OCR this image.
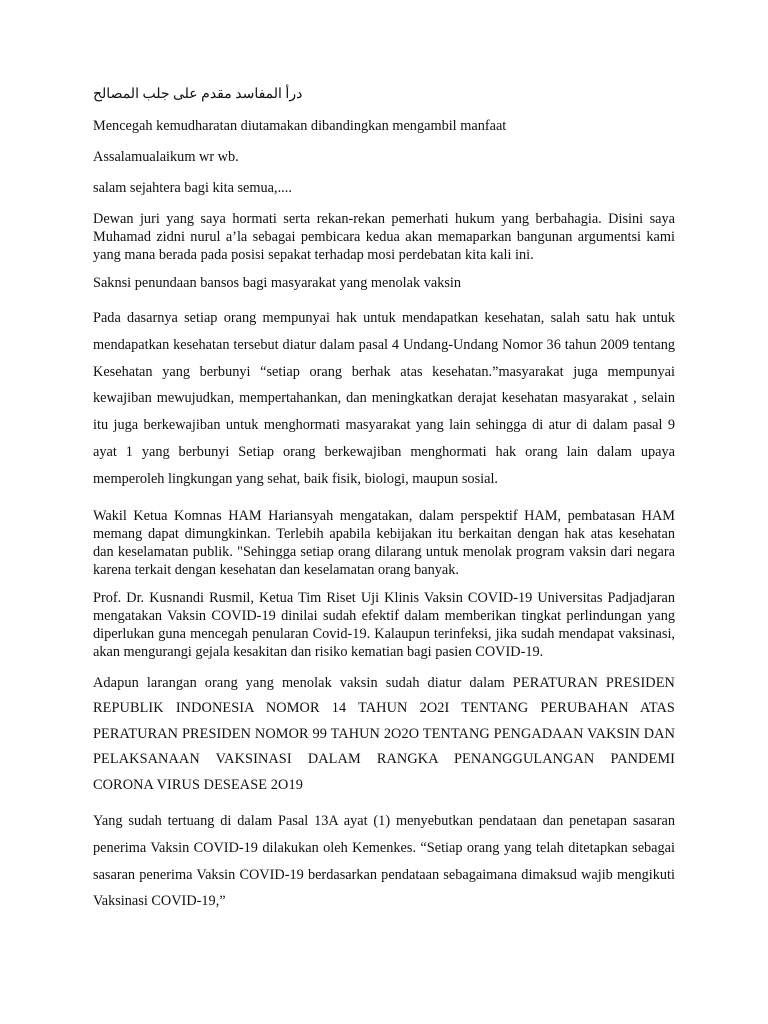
درأ المفاسد مقدم على جلب المصالح

Mencegah kemudharatan diutamakan dibandingkan mengambil manfaat

Assalamualaikum wr wb.

salam sejahtera bagi kita semua,....

Dewan juri yang saya hormati serta rekan-rekan pemerhati hukum yang berbahagia. Disini saya Muhamad zidni nurul a’la sebagai pembicara kedua akan memaparkan bangunan argumentsi kami yang mana berada pada posisi sepakat terhadap mosi perdebatan kita kali ini.

Saknsi penundaan bansos bagi masyarakat yang menolak vaksin

Pada dasarnya setiap orang mempunyai hak untuk mendapatkan kesehatan, salah satu hak untuk mendapatkan kesehatan tersebut diatur dalam pasal 4 Undang-Undang Nomor 36 tahun 2009 tentang Kesehatan yang berbunyi “setiap orang berhak atas kesehatan.”masyarakat juga mempunyai kewajiban mewujudkan, mempertahankan, dan meningkatkan derajat kesehatan masyarakat , selain itu juga berkewajiban untuk menghormati masyarakat yang lain sehingga di atur di dalam pasal 9 ayat 1 yang berbunyi Setiap orang berkewajiban menghormati hak orang lain dalam upaya memperoleh lingkungan yang sehat, baik fisik, biologi, maupun sosial.

Wakil Ketua Komnas HAM Hariansyah mengatakan, dalam perspektif HAM, pembatasan HAM memang dapat dimungkinkan. Terlebih apabila kebijakan itu berkaitan dengan hak atas kesehatan dan keselamatan publik. "Sehingga setiap orang dilarang untuk menolak program vaksin dari negara karena terkait dengan kesehatan dan keselamatan orang banyak.

Prof. Dr. Kusnandi Rusmil, Ketua Tim Riset Uji Klinis Vaksin COVID-19 Universitas Padjadjaran mengatakan Vaksin COVID-19 dinilai sudah efektif dalam memberikan tingkat perlindungan yang diperlukan guna mencegah penularan Covid-19. Kalaupun terinfeksi, jika sudah mendapat vaksinasi, akan mengurangi gejala kesakitan dan risiko kematian bagi pasien COVID-19.

Adapun larangan orang yang menolak vaksin sudah diatur dalam PERATURAN PRESIDEN REPUBLIK INDONESIA NOMOR 14 TAHUN 2O2I TENTANG PERUBAHAN ATAS PERATURAN PRESIDEN NOMOR 99 TAHUN 2O2O TENTANG PENGADAAN VAKSIN DAN PELAKSANAAN VAKSINASI DALAM RANGKA PENANGGULANGAN PANDEMI CORONA VIRUS DESEASE 2O19

Yang sudah tertuang di dalam Pasal 13A ayat (1) menyebutkan pendataan dan penetapan sasaran penerima Vaksin COVID-19 dilakukan oleh Kemenkes. “Setiap orang yang telah ditetapkan sebagai sasaran penerima Vaksin COVID-19 berdasarkan pendataan sebagaimana dimaksud wajib mengikuti Vaksinasi COVID-19,”
